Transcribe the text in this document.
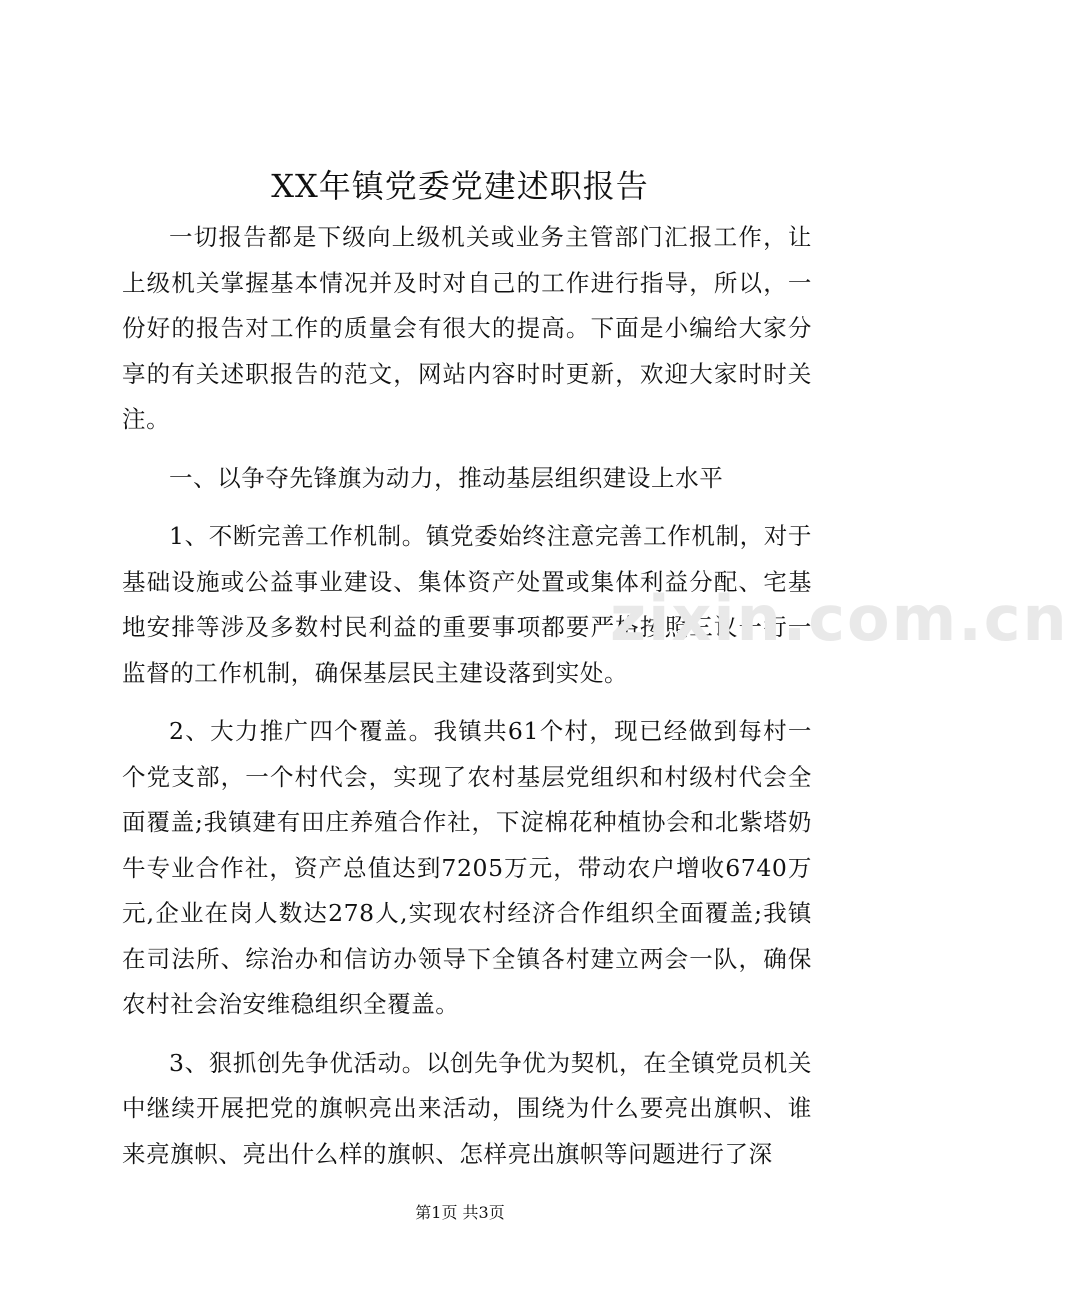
XX年镇党委党建述职报告

一切报告都是下级向上级机关或业务主管部门汇报工作，让上级机关掌握基本情况并及时对自己的工作进行指导，所以，一份好的报告对工作的质量会有很大的提高。下面是小编给大家分享的有关述职报告的范文，网站内容时时更新，欢迎大家时时关注。

一、以争夺先锋旗为动力，推动基层组织建设上水平

1、不断完善工作机制。镇党委始终注意完善工作机制，对于基础设施或公益事业建设、集体资产处置或集体利益分配、宅基地安排等涉及多数村民利益的重要事项都要严格按照三议一行一监督的工作机制，确保基层民主建设落到实处。

2、大力推广四个覆盖。我镇共61个村，现已经做到每村一个党支部，一个村代会，实现了农村基层党组织和村级村代会全面覆盖;我镇建有田庄养殖合作社，下淀棉花种植协会和北紫塔奶牛专业合作社，资产总值达到7205万元，带动农户增收6740万元,企业在岗人数达278人,实现农村经济合作组织全面覆盖;我镇在司法所、综治办和信访办领导下全镇各村建立两会一队，确保农村社会治安维稳组织全覆盖。

3、狠抓创先争优活动。以创先争优为契机，在全镇党员机关中继续开展把党的旗帜亮出来活动，围绕为什么要亮出旗帜、谁来亮旗帜、亮出什么样的旗帜、怎样亮出旗帜等问题进行了深

zixin.com.cn
第1页 共3页
